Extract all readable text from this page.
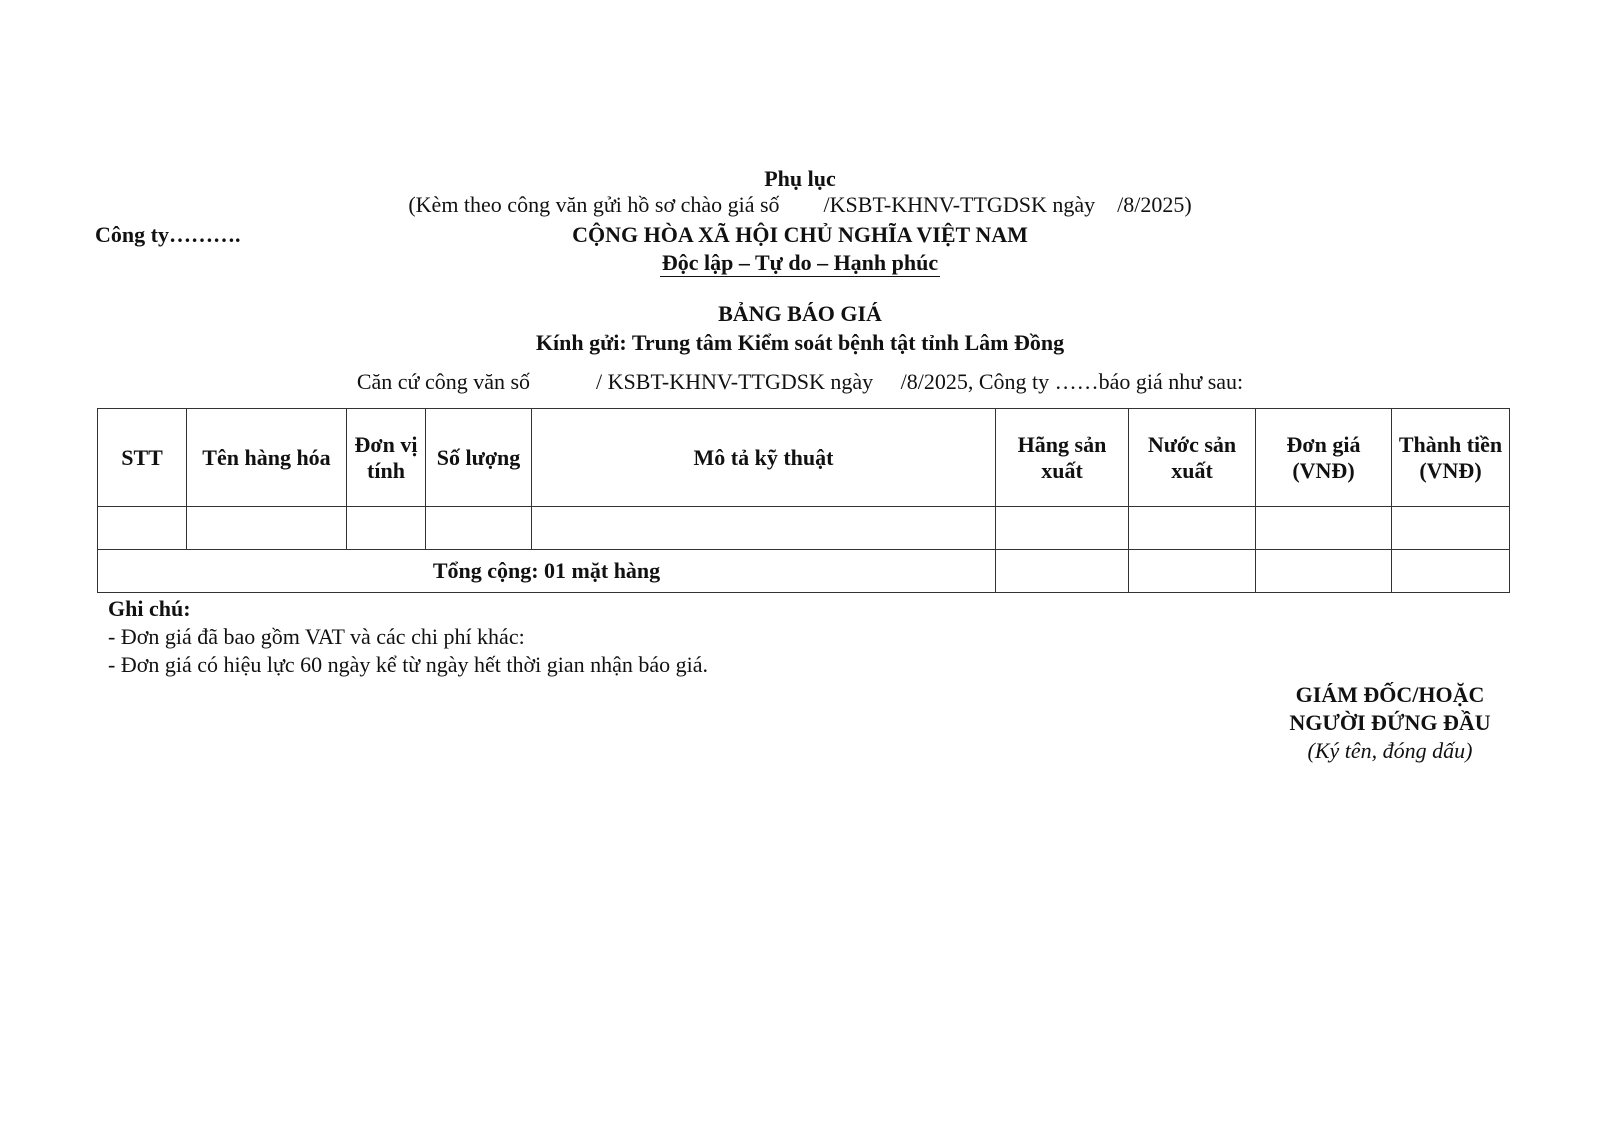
Phụ lục
(Kèm theo công văn gửi hồ sơ chào giá số        /KSBT-KHNV-TTGDSK ngày    /8/2025)
Công ty……….	CỘNG HÒA XÃ HỘI CHỦ NGHĨA VIỆT NAM
Độc lập – Tự do – Hạnh phúc
BẢNG BÁO GIÁ
Kính gửi: Trung tâm Kiểm soát bệnh tật tỉnh Lâm Đồng
Căn cứ công văn số            / KSBT-KHNV-TTGDSK ngày     /8/2025, Công ty ……báo giá như sau:
STT	Tên hàng hóa	Đơn vị tính	Số lượng	Mô tả kỹ thuật	Hãng sản xuất	Nước sản xuất	Đơn giá (VNĐ)	Thành tiền (VNĐ)

Tổng cộng: 01 mặt hàng								
Ghi chú:
- Đơn giá đã bao gồm VAT và các chi phí khác:
- Đơn giá có hiệu lực 60 ngày kể từ ngày hết thời gian nhận báo giá.
GIÁM ĐỐC/HOẶC
NGƯỜI ĐỨNG ĐẦU
(Ký tên, đóng dấu)
